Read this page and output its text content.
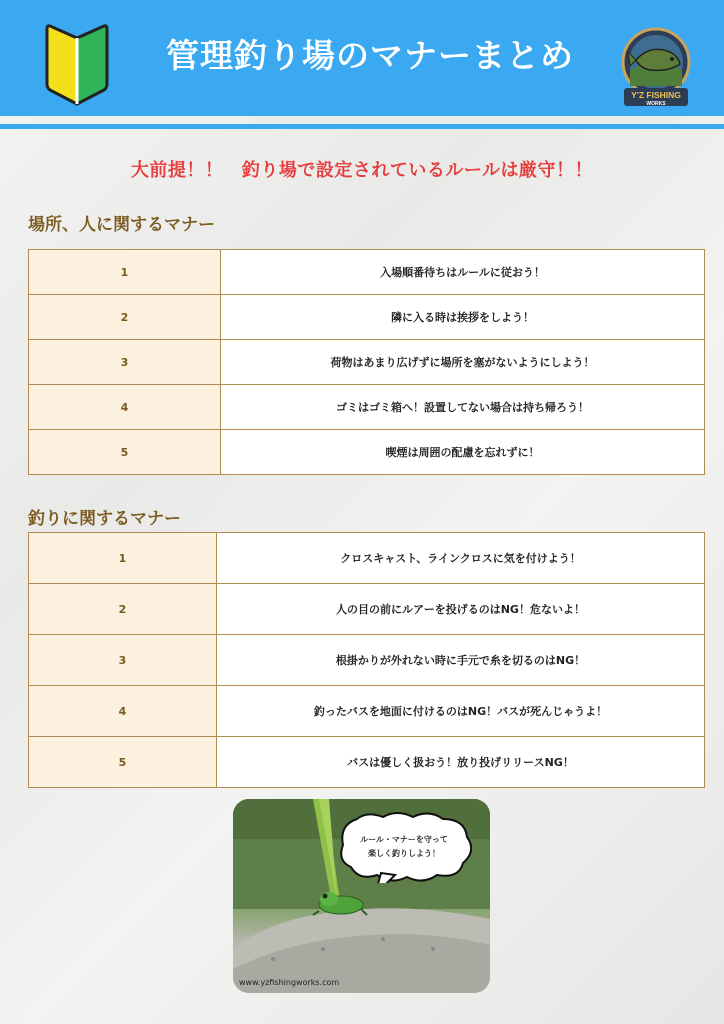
管理釣り場のマナーまとめ
Y'Z FISHING
WORKS
大前提！！　釣り場で設定されているルールは厳守！！
場所、人に関するマナー
1	入場順番待ちはルールに従おう！
2	隣に入る時は挨拶をしよう！
3	荷物はあまり広げずに場所を塞がないようにしよう！
4	ゴミはゴミ箱へ！設置してない場合は持ち帰ろう！
5	喫煙は周囲の配慮を忘れずに！
釣りに関するマナー
1	クロスキャスト、ラインクロスに気を付けよう！
2	人の目の前にルアーを投げるのはNG！危ないよ！
3	根掛かりが外れない時に手元で糸を切るのはNG！
4	釣ったバスを地面に付けるのはNG！バスが死んじゃうよ！
5	バスは優しく扱おう！放り投げリリースNG！
ルール・マナーを守って
楽しく釣りしよう！
www.yzfishingworks.com
